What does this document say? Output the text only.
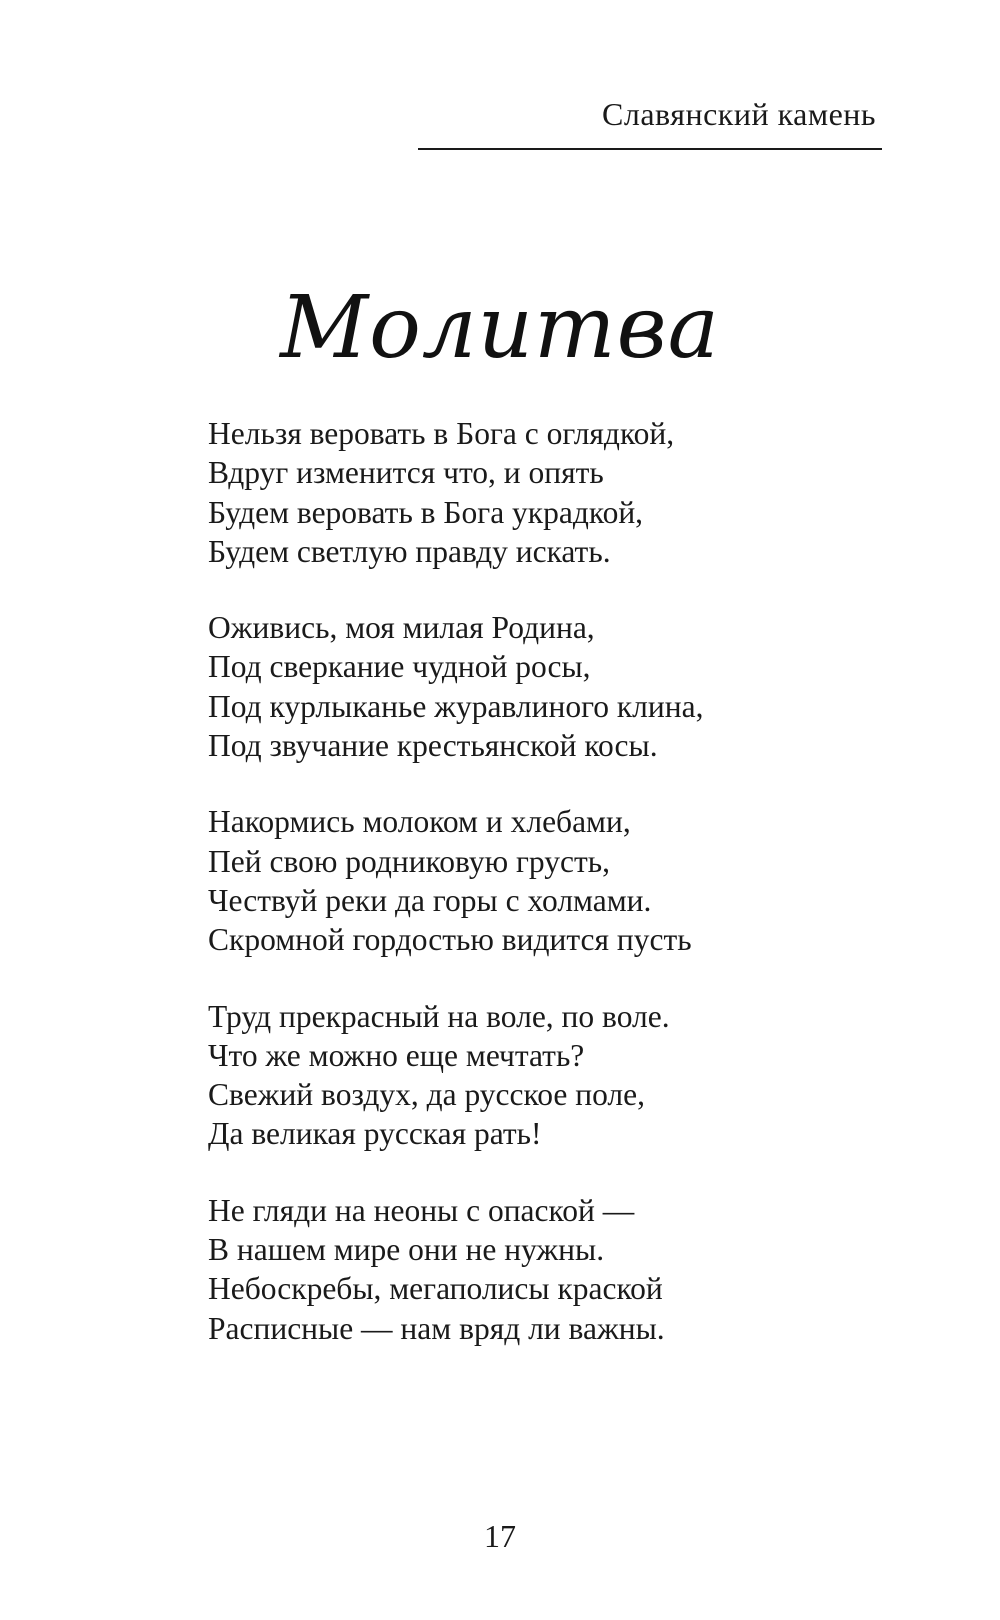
Славянский камень
Молитва
Нельзя веровать в Бога с оглядкой,
Вдруг изменится что, и опять
Будем веровать в Бога украдкой,
Будем светлую правду искать.
Оживись, моя милая Родина,
Под сверкание чудной росы,
Под курлыканье журавлиного клина,
Под звучание крестьянской косы.
Накормись молоком и хлебами,
Пей свою родниковую грусть,
Чествуй реки да горы с холмами.
Скромной гордостью видится пусть
Труд прекрасный на воле, по воле.
Что же можно еще мечтать?
Свежий воздух, да русское поле,
Да великая русская рать!
Не гляди на неоны с опаской —
В нашем мире они не нужны.
Небоскребы, мегаполисы краской
Расписные — нам вряд ли важны.
17
